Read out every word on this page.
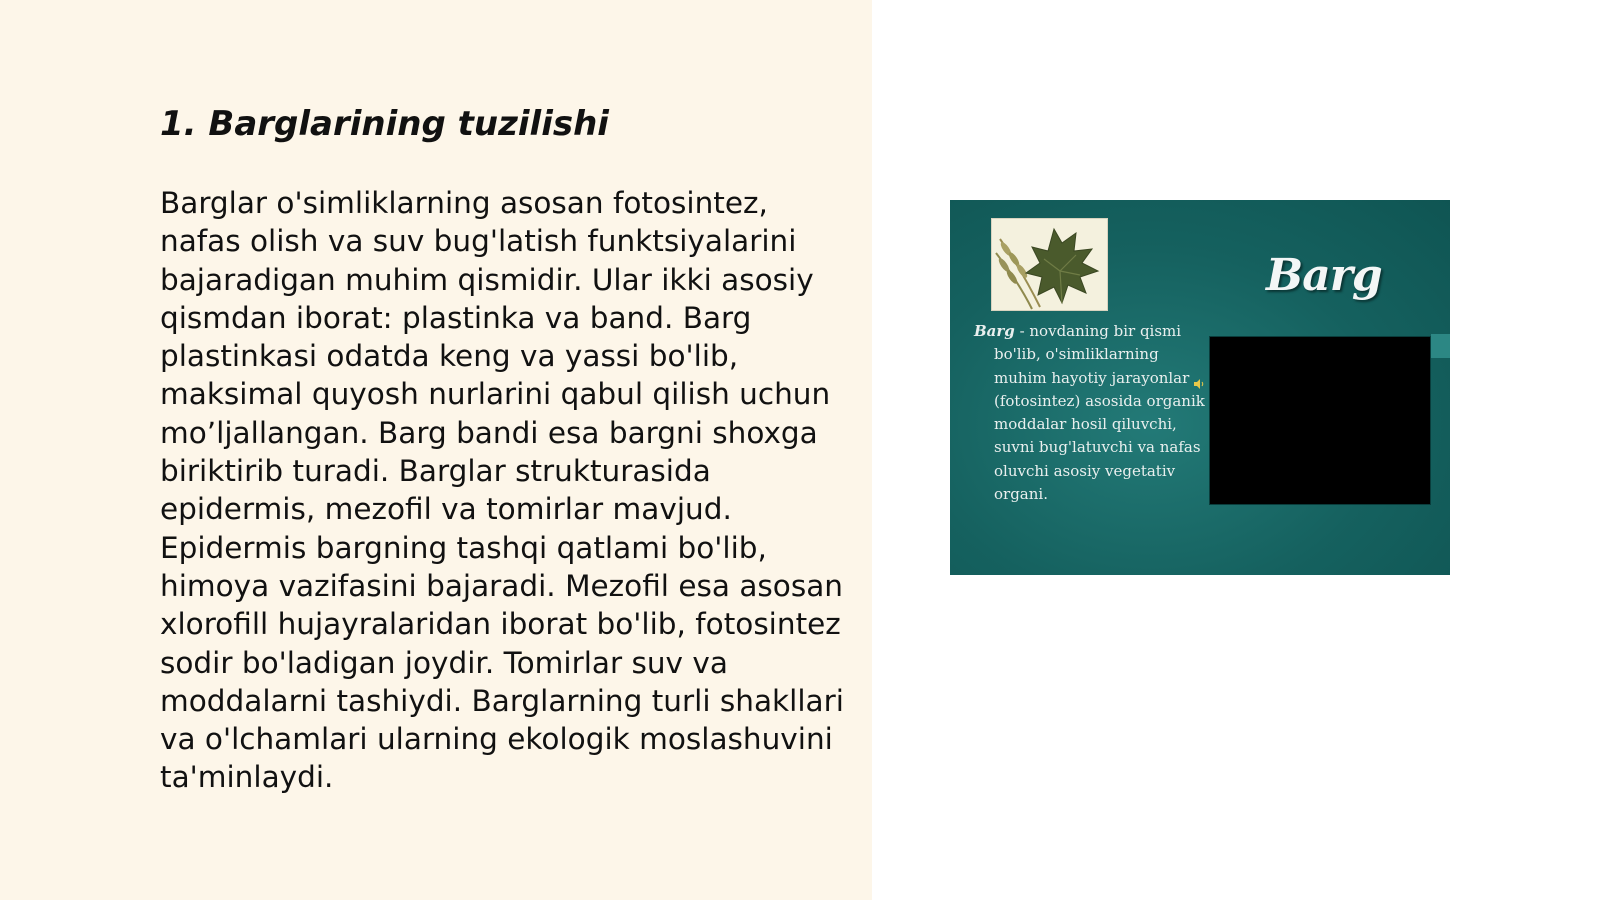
1. Barglarining tuzilishi

Barglar o'simliklarning asosan fotosintez, nafas olish va suv bug'latish funktsiyalarini bajaradigan muhim qismidir. Ular ikki asosiy qismdan iborat: plastinka va band. Barg plastinkasi odatda keng va yassi bo'lib, maksimal quyosh nurlarini qabul qilish uchun mo’ljallangan. Barg bandi esa bargni shoxga biriktirib turadi. Barglar strukturasida epidermis, mezofil va tomirlar mavjud. Epidermis bargning tashqi qatlami bo'lib, himoya vazifasini bajaradi. Mezofil esa asosan xlorofill hujayralaridan iborat bo'lib, fotosintez sodir bo'ladigan joydir. Tomirlar suv va moddalarni tashiydi. Barglarning turli shakllari va o'lchamlari ularning ekologik moslashuvini ta'minlaydi.

Barg

Barg - novdaning bir qismi bo'lib, o'simliklarning muhim hayotiy jarayonlar (fotosintez) asosida organik moddalar hosil qiluvchi, suvni bug'latuvchi va nafas oluvchi asosiy vegetativ organi.
